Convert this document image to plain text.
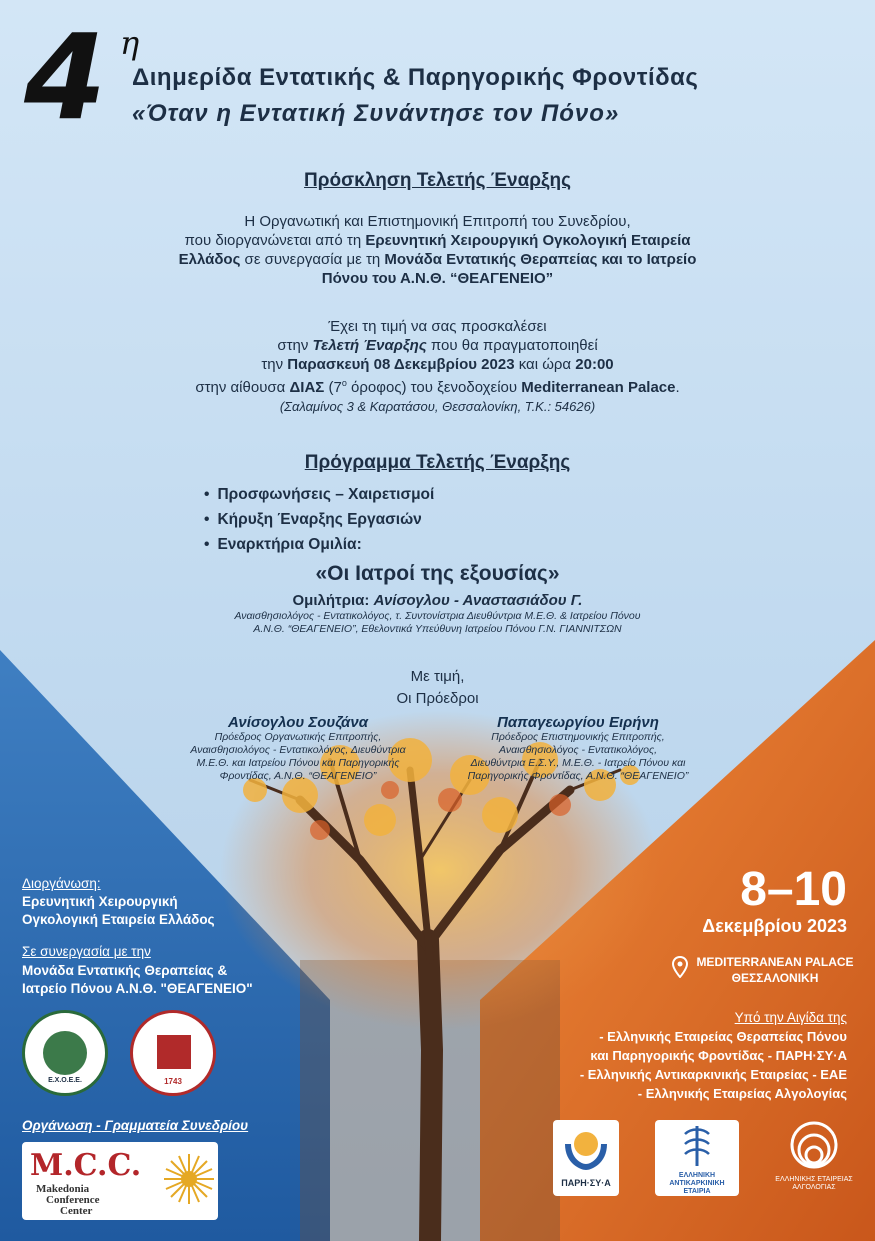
4 η
Διημερίδα Εντατικής & Παρηγορικής Φροντίδας
«Όταν η Εντατική Συνάντησε τον Πόνο»
Πρόσκληση Τελετής Έναρξης
Η Οργανωτική και Επιστημονική Επιτροπή του Συνεδρίου,
που διοργανώνεται από τη Ερευνητική Χειρουργική Ογκολογική Εταιρεία
Ελλάδος σε συνεργασία με τη Μονάδα Εντατικής Θεραπείας και το Ιατρείο
Πόνου του Α.Ν.Θ. “ΘΕΑΓΕΝΕΙΟ”
Έχει τη τιμή να σας προσκαλέσει
στην Τελετή Έναρξης που θα πραγματοποιηθεί
την Παρασκευή 08 Δεκεμβρίου 2023 και ώρα 20:00
στην αίθουσα ΔΙΑΣ ($7^o$ όροφος) του ξενοδοχείου Mediterranean Palace.
(Σαλαμίνος 3 & Καρατάσου, Θεσσαλονίκη, Τ.Κ.: 54626)
Πρόγραμμα Τελετής Έναρξης
• Προσφωνήσεις – Χαιρετισμοί
• Κήρυξη Έναρξης Εργασιών
• Εναρκτήρια Ομιλία:
«Οι Ιατροί της εξουσίας»
Ομιλήτρια: Ανίσογλου - Αναστασιάδου Γ.
Αναισθησιολόγος - Εντατικολόγος, τ. Συντονίστρια Διευθύντρια Μ.Ε.Θ. & Ιατρείου Πόνου
Α.Ν.Θ. “ΘΕΑΓΕΝΕΙΟ”, Εθελοντικά Υπεύθυνη Ιατρείου Πόνου Γ.Ν. ΓΙΑΝΝΙΤΣΩΝ
Με τιμή,
Οι Πρόεδροι
Ανίσογλου Σουζάνα
Πρόεδρος Οργανωτικής Επιτροπής,
Αναισθησιολόγος - Εντατικολόγος, Διευθύντρια
Μ.Ε.Θ. και Ιατρείου Πόνου και Παρηγορικής
Φροντίδας, Α.Ν.Θ. “ΘΕΑΓΕΝΕΙΟ”
Παπαγεωργίου Ειρήνη
Πρόεδρος Επιστημονικής Επιτροπής,
Αναισθησιολόγος - Εντατικολόγος,
Διευθύντρια Ε.Σ.Υ., Μ.Ε.Θ. - Ιατρείο Πόνου και
Παρηγορικής Φροντίδας, Α.Ν.Θ. “ΘΕΑΓΕΝΕΙΟ”
Διοργάνωση:
Ερευνητική Χειρουργική
Ογκολογική Εταιρεία Ελλάδος
Σε συνεργασία με την
Μονάδα Εντατικής Θεραπείας &
Ιατρείο Πόνου Α.Ν.Θ. "ΘΕΑΓΕΝΕΙΟ"
Ε.Χ.Ο.Ε.Ε.	1743
Οργάνωση - Γραμματεία Συνεδρίου
M.C.C.
Makedonia
Conference
Center
8–10
Δεκεμβρίου 2023
MEDITERRANEAN PALACE
ΘΕΣΣΑΛΟΝΙΚΗ
Υπό την Αιγίδα της
- Ελληνικής Εταιρείας Θεραπείας Πόνου
και Παρηγορικής Φροντίδας - ΠΑΡΗ·ΣΥ·Α
- Ελληνικής Αντικαρκινικής Εταιρείας - ΕΑΕ
- Ελληνικής Εταιρείας Αλγολογίας
ΠΑΡΗ·ΣΥ·Α
ΕΛΛΗΝΙΚΗ
ΑΝΤΙΚΑΡΚΙΝΙΚΗ ΕΤΑΙΡΙΑ
ΕΛΛΗΝΙΚΗΣ ΕΤΑΙΡΕΙΑΣ
ΑΛΓΟΛΟΓΙΑΣ
